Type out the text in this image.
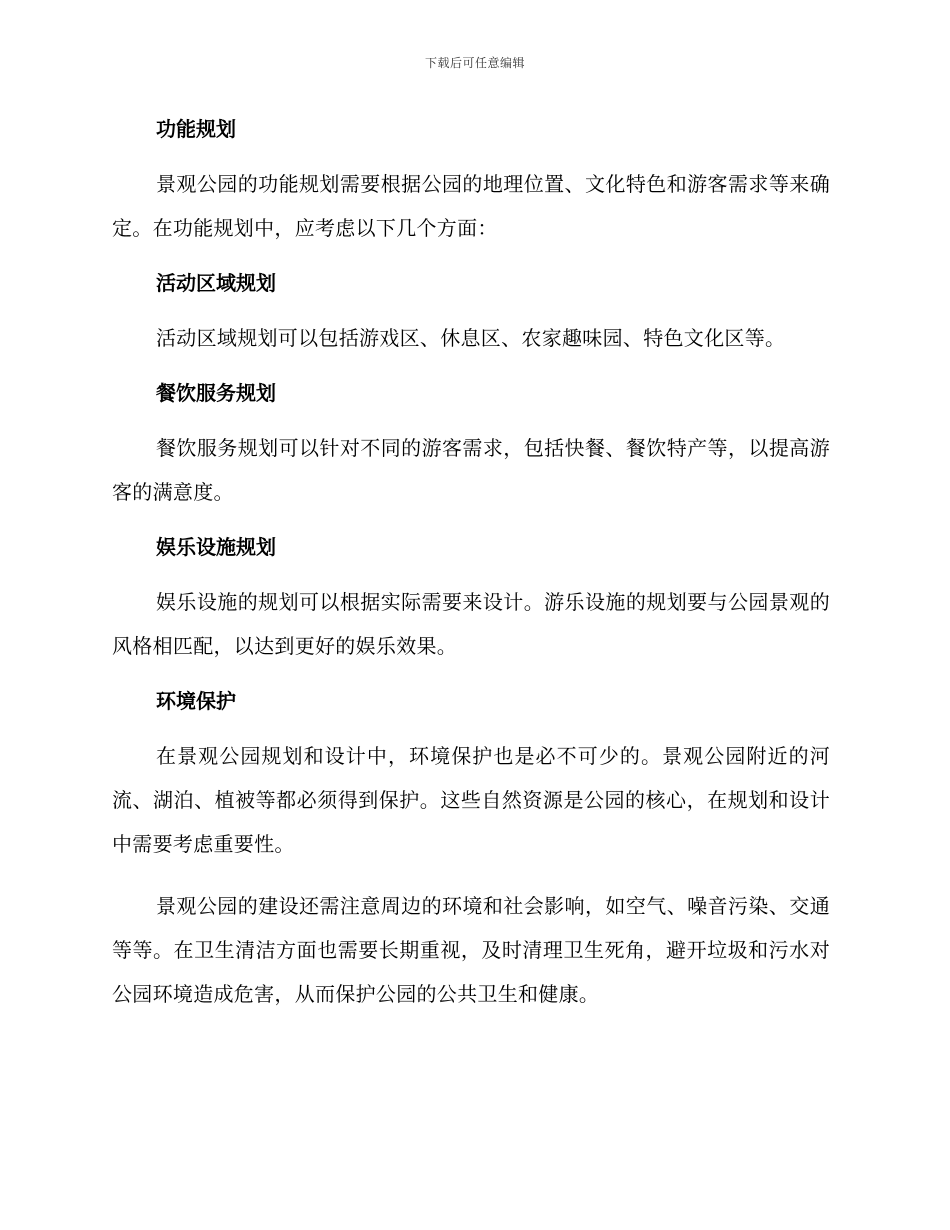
下载后可任意编辑
功能规划

景观公园的功能规划需要根据公园的地理位置、文化特色和游客需求等来确定。在功能规划中，应考虑以下几个方面：

活动区域规划

活动区域规划可以包括游戏区、休息区、农家趣味园、特色文化区等。

餐饮服务规划

餐饮服务规划可以针对不同的游客需求，包括快餐、餐饮特产等，以提高游客的满意度。

娱乐设施规划

娱乐设施的规划可以根据实际需要来设计。游乐设施的规划要与公园景观的风格相匹配，以达到更好的娱乐效果。

环境保护

在景观公园规划和设计中，环境保护也是必不可少的。景观公园附近的河流、湖泊、植被等都必须得到保护。这些自然资源是公园的核心，在规划和设计中需要考虑重要性。

景观公园的建设还需注意周边的环境和社会影响，如空气、噪音污染、交通等等。在卫生清洁方面也需要长期重视，及时清理卫生死角，避开垃圾和污水对公园环境造成危害，从而保护公园的公共卫生和健康。
